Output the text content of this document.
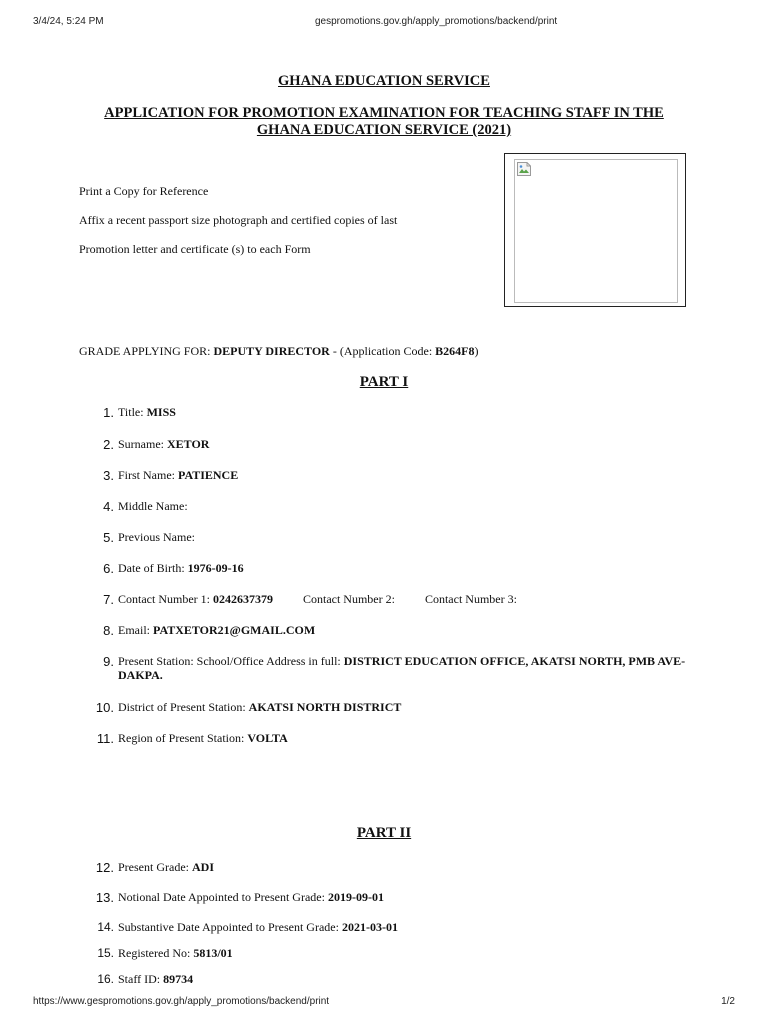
3/4/24, 5:24 PM	gespromotions.gov.gh/apply_promotions/backend/print
GHANA EDUCATION SERVICE
APPLICATION FOR PROMOTION EXAMINATION FOR TEACHING STAFF IN THE GHANA EDUCATION SERVICE (2021)
Print a Copy for Reference
Affix a recent passport size photograph and certified copies of last
Promotion letter and certificate (s) to each Form
GRADE APPLYING FOR: DEPUTY DIRECTOR - (Application Code: B264F8)
PART I
1. Title: MISS
2. Surname: XETOR
3. First Name: PATIENCE
4. Middle Name:
5. Previous Name:
6. Date of Birth: 1976-09-16
7. Contact Number 1: 0242637379	Contact Number 2:	Contact Number 3:
8. Email: PATXETOR21@GMAIL.COM
9. Present Station: School/Office Address in full: DISTRICT EDUCATION OFFICE, AKATSI NORTH, PMB AVE- DAKPA.
10. District of Present Station: AKATSI NORTH DISTRICT
11. Region of Present Station: VOLTA
PART II
12. Present Grade: ADI
13. Notional Date Appointed to Present Grade: 2019-09-01
14. Substantive Date Appointed to Present Grade: 2021-03-01
15. Registered No: 5813/01
16. Staff ID: 89734
https://www.gespromotions.gov.gh/apply_promotions/backend/print	1/2
